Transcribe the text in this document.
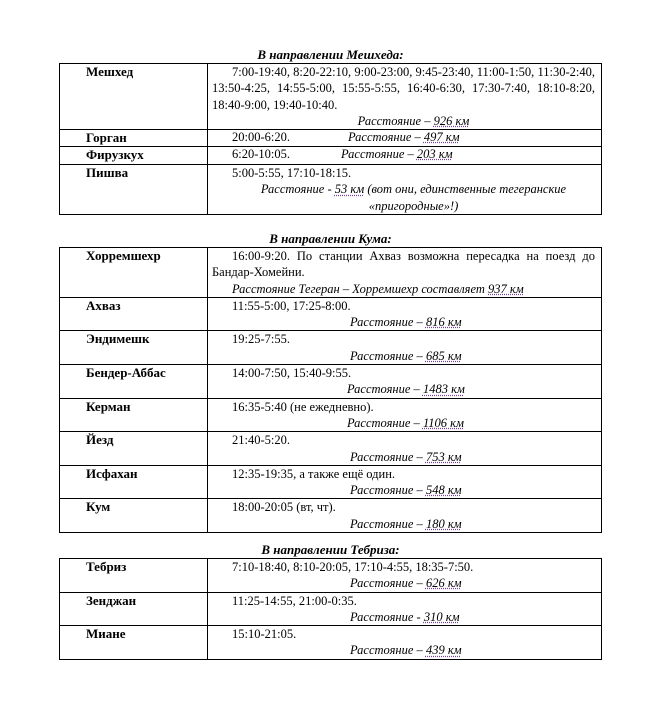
В направлении Мешхеда:
Мешхед	7:00-19:40, 8:20-22:10, 9:00-23:00, 9:45-23:40, 11:00-1:50, 11:30-2:40, 13:50-4:25, 14:55-5:00, 15:55-5:55, 16:40-6:30, 17:30-7:40, 18:10-8:20, 18:40-9:00, 19:40-10:40.
Расстояние – 926 км

Горган	20:00-6:20. Расстояние – 497 км
Фирузкух	6:20-10:05. Расстояние – 203 км
Пишва	5:00-5:55, 17:10-18:15.
Расстояние - 53 км (вот они, единственные тегеранские «пригородные»!)
В направлении Кума:
Хорремшехр	16:00-9:20. По станции Ахваз возможна пересадка на поезд до Бандар-Хомейни.
Расстояние Тегеран – Хорремшехр составляет 937 км

Ахваз	11:55-5:00, 17:25-8:00.
Расстояние – 816 км

Эндимешк	19:25-7:55.
Расстояние – 685 км

Бендер-Аббас	14:00-7:50, 15:40-9:55.
Расстояние – 1483 км

Керман	16:35-5:40 (не ежедневно).
Расстояние – 1106 км

Йезд	21:40-5:20.
Расстояние – 753 км

Исфахан	12:35-19:35, а также ещё один.
Расстояние – 548 км

Кум	18:00-20:05 (вт, чт).
Расстояние – 180 км
В направлении Тебриза:
Тебриз	7:10-18:40, 8:10-20:05, 17:10-4:55, 18:35-7:50.
Расстояние – 626 км

Зенджан	11:25-14:55, 21:00-0:35.
Расстояние - 310 км

Миане	15:10-21:05.
Расстояние – 439 км
